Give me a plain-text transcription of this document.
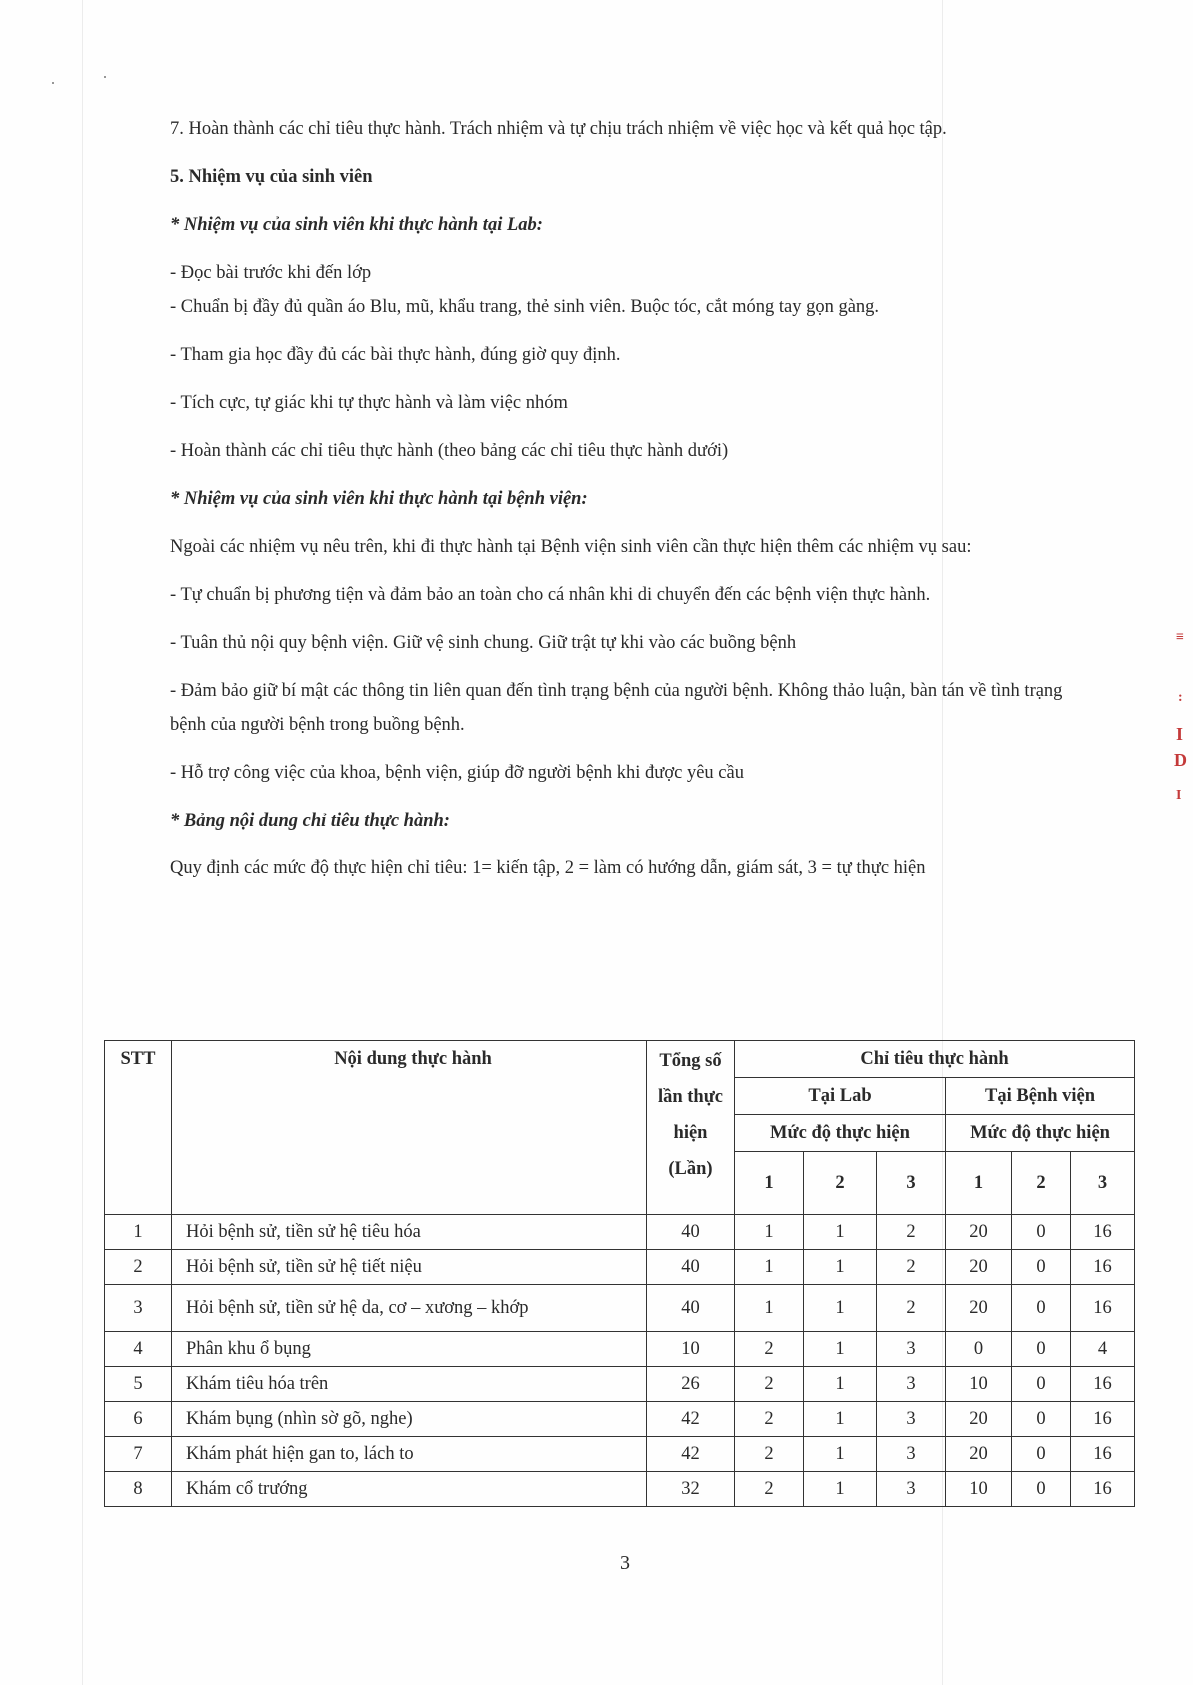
7. Hoàn thành các chỉ tiêu thực hành. Trách nhiệm và tự chịu trách nhiệm về việc học và kết quả học tập.

5. Nhiệm vụ của sinh viên

* Nhiệm vụ của sinh viên khi thực hành tại Lab:

- Đọc bài trước khi đến lớp

- Chuẩn bị đầy đủ quần áo Blu, mũ, khẩu trang, thẻ sinh viên. Buộc tóc, cắt móng tay gọn gàng.

- Tham gia học đầy đủ các bài thực hành, đúng giờ quy định.

- Tích cực, tự giác khi tự thực hành và làm việc nhóm

- Hoàn thành các chỉ tiêu thực hành (theo bảng các chỉ tiêu thực hành dưới)

* Nhiệm vụ của sinh viên khi thực hành tại bệnh viện:

Ngoài các nhiệm vụ nêu trên, khi đi thực hành tại Bệnh viện sinh viên cần thực hiện thêm các nhiệm vụ sau:

- Tự chuẩn bị phương tiện và đảm bảo an toàn cho cá nhân khi di chuyển đến các bệnh viện thực hành.

- Tuân thủ nội quy bệnh viện. Giữ vệ sinh chung. Giữ trật tự khi vào các buồng bệnh

- Đảm bảo giữ bí mật các thông tin liên quan đến tình trạng bệnh của người bệnh. Không thảo luận, bàn tán về tình trạng bệnh của người bệnh trong buồng bệnh.

- Hỗ trợ công việc của khoa, bệnh viện, giúp đỡ người bệnh khi được yêu cầu

* Bảng nội dung chỉ tiêu thực hành:

Quy định các mức độ thực hiện chỉ tiêu: 1= kiến tập, 2 = làm có hướng dẫn, giám sát, 3 = tự thực hiện

STT	Nội dung thực hành	Tổng số lần thực hiện (Lần)	Chỉ tiêu thực hành					
			Tại Lab			Tại Bệnh viện		
			Mức độ thực hiện			Mức độ thực hiện		
			1	2	3	1	2	3
1	Hỏi bệnh sử, tiền sử hệ tiêu hóa	40	1	1	2	20	0	16
2	Hỏi bệnh sử, tiền sử hệ tiết niệu	40	1	1	2	20	0	16
3	Hỏi bệnh sử, tiền sử hệ da, cơ – xương – khớp	40	1	1	2	20	0	16
4	Phân khu ổ bụng	10	2	1	3	0	0	4
5	Khám tiêu hóa trên	26	2	1	3	10	0	16
6	Khám bụng (nhìn sờ gõ, nghe)	42	2	1	3	20	0	16
7	Khám phát hiện gan to, lách to	42	2	1	3	20	0	16
8	Khám cổ trướng	32	2	1	3	10	0	16
3
≡
:
I
D
I
